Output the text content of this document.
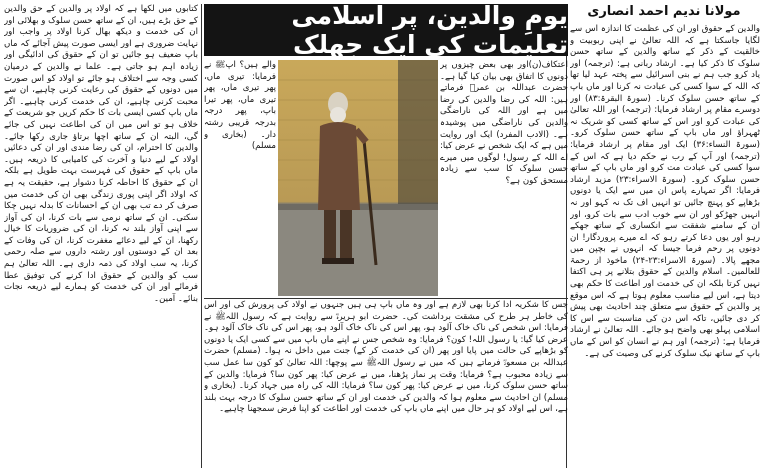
مولانا ندیم احمد انصاری

والدین کے حقوق اور ان کی عظمت کا اندازہ اس سے لگایا جاسکتا ہے کہ اللہ تعالیٰ نے اپنی ربوبیت و خالقیت کے ذکر کے ساتھ والدین کے ساتھ حسن سلوک کا ذکر کیا ہے۔ ارشاد ربانی ہے: (ترجمہ) اور یاد کرو جب ہم نے بنی اسرائیل سے پختہ عہد لیا تھا کہ اللہ کے سوا کسی کی عبادت نہ کرنا اور ماں باپ کے ساتھ حسن سلوک کرنا۔ (سورۃ البقرۃ:۸۳) اور دوسرے مقام پر ارشاد فرمایا: (ترجمہ) اور اللہ تعالیٰ کی عبادت کرو اور اس کے ساتھ کسی کو شریک نہ ٹھہراؤ اور ماں باپ کے ساتھ حسن سلوک کرو۔ (سورۃ النساء:۳۶) ایک اور مقام پر ارشاد فرمایا: (ترجمہ) اور آپ کے رب نے حکم دیا ہے کہ اس کے سوا کسی کی عبادت مت کرو اور ماں باپ کے ساتھ حسن سلوک کرو۔ (سورۃ الاسراء:۲۳) مزید ارشاد فرمایا: اگر تمہارے پاس ان میں سے ایک یا دونوں بڑھاپے کو پہنچ جائیں تو انہیں اف تک نہ کہو اور نہ انہیں جھڑکو اور ان سے خوب ادب سے بات کرو، اور ان کے سامنے شفقت سے انکساری کے ساتھ جھکے رہو اور یوں دعا کرتے رہو کہ اے میرے پروردگار! ان دونوں پر رحم فرما جیسا کہ انہوں نے بچپن میں مجھے پالا۔ (سورۃ الاسراء:۲۳-۲۴) ماخوذ از رحمۃ للعالمین۔ اسلام والدین کے حقوق بتلانے پر ہی اکتفا نہیں کرتا بلکہ ان کی خدمت اور اطاعت کا حکم بھی دیتا ہے، اس لیے مناسب معلوم ہوتا ہے کہ اس موقع پر والدین کے حقوق سے متعلق چند احادیث بھی پیش کر دی جائیں، تاکہ اس دن کی مناسبت سے اس کا اسلامی پہلو بھی واضح ہو جائے۔ اللہ تعالیٰ نے ارشاد فرمایا ہے: (ترجمہ) اور ہم نے انسان کو اس کے ماں باپ کے ساتھ نیک سلوک کرنے کی وصیت کی ہے۔

یومِ والدین، پر اسلامی تعلیمات کی ایک جھلک

اعتکاف(ن)اور بھی بعض چیزوں پر دونوں کا اتفاق بھی بیان کیا گیا ہے۔ حضرت عبداللہ بن عمرؓ فرماتے ہیں: اللہ کی رضا والدین کی رضا میں ہے اور اللہ کی ناراضگی والدین کی ناراضگی میں پوشیدہ ہے۔ (الادب المفرد) ایک اور روایت میں ہے کہ ایک شخص نے عرض کیا: اے اللہ کے رسول! لوگوں میں میرے حسن سلوک کا سب سے زیادہ مستحق کون ہے؟

والے ہیں؟ آپﷺ نے فرمایا: تیری ماں، پھر تیری ماں، پھر تیری ماں، پھر تیرا باپ، پھر درجہ بدرجہ قریبی رشتہ دار۔ (بخاری و مسلم)

جس کا شکریہ ادا کرنا بھی لازم ہے اور وہ ماں باپ ہی ہیں جنہوں نے اولاد کی پرورش کی اور اس کی خاطر ہر طرح کی مشقت برداشت کی۔ حضرت ابو ہریرہؓ سے روایت ہے کہ رسول اللہﷺ نے فرمایا: اس شخص کی ناک خاک آلود ہو، پھر اس کی ناک خاک آلود ہو، پھر اس کی ناک خاک آلود ہو۔ عرض کیا گیا: یا رسول اللہ! کون؟ فرمایا: وہ شخص جس نے اپنے ماں باپ میں سے کسی ایک یا دونوں کو بڑھاپے کی حالت میں پایا اور پھر (ان کی خدمت کر کے) جنت میں داخل نہ ہوا۔ (مسلم) حضرت عبداللہ بن مسعودؓ فرماتے ہیں کہ میں نے رسول اللہﷺ سے پوچھا: اللہ تعالیٰ کو کون سا عمل سب سے زیادہ محبوب ہے؟ فرمایا: وقت پر نماز پڑھنا، میں نے عرض کیا: پھر کون سا؟ فرمایا: والدین کے ساتھ حسن سلوک کرنا، میں نے عرض کیا: پھر کون سا؟ فرمایا: اللہ کی راہ میں جہاد کرنا۔ (بخاری و مسلم) ان احادیث سے معلوم ہوا کہ والدین کی خدمت اور ان کے ساتھ حسن سلوک کا درجہ بہت بلند ہے، اس لیے اولاد کو ہر حال میں اپنے ماں باپ کی خدمت اور اطاعت کو اپنا فرض سمجھنا چاہیے۔

کتابوں میں لکھا ہے کہ اولاد پر والدین کے حق والدین کے حق بڑے ہیں، ان کے ساتھ حسن سلوک و بھلائی اور ان کی خدمت و دیکھ بھال کرنا اولاد پر واجب اور نہایت ضروری ہے اور ایسی صورت پیش آجائے کہ ماں باپ ضعیف ہو جائیں تو ان کے حقوق کی ادائیگی اور زیادہ اہم ہو جاتی ہے۔ علما نے والدین کے درمیان کسی وجہ سے اختلاف ہو جائے تو اولاد کو اس صورت میں دونوں کے حقوق کی رعایت کرنی چاہیے، ان سے محبت کرنی چاہیے، ان کی خدمت کرنی چاہیے۔ اگر ماں باپ کسی ایسی بات کا حکم کریں جو شریعت کے خلاف ہو تو اس میں ان کی اطاعت نہیں کی جائے گی، البتہ ان کے ساتھ اچھا برتاؤ جاری رکھا جائے۔ والدین کا احترام، ان کی رضا مندی اور ان کی دعائیں اولاد کے لیے دنیا و آخرت کی کامیابی کا ذریعہ ہیں۔ ماں باپ کے حقوق کی فہرست بہت طویل ہے بلکہ ان کے حقوق کا احاطہ کرنا دشوار ہے، حقیقت یہ ہے کہ اولاد اگر اپنی پوری زندگی بھی ان کی خدمت میں صرف کر دے تب بھی ان کے احسانات کا بدلہ نہیں چکا سکتی۔ ان کے ساتھ نرمی سے بات کرنا، ان کی آواز سے اپنی آواز بلند نہ کرنا، ان کی ضروریات کا خیال رکھنا، ان کے لیے دعائے مغفرت کرنا، ان کی وفات کے بعد ان کے دوستوں اور رشتہ داروں سے صلہ رحمی کرنا، یہ سب اولاد کی ذمہ داری ہے۔ اللہ تعالیٰ ہم سب کو والدین کے حقوق ادا کرنے کی توفیق عطا فرمائے اور ان کی خدمت کو ہمارے لیے ذریعہ نجات بنائے۔ آمین۔
